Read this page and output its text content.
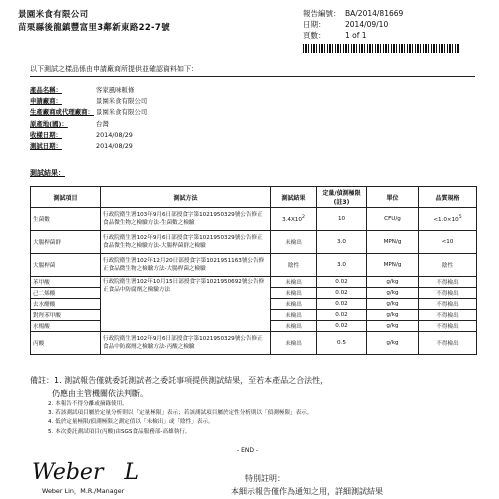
景園米食有限公司
苗栗縣後龍鎮豐富里3鄰新東路22-7號
報告編號： BA/2014/81669
日期：	2014/09/10
頁數：	1 of 1
以下測試之樣品係由申請廠商所提供並確認資料如下：
產品名稱：	客家風味粄條
申請廠商：	景園米食有限公司
生產廠商或代理廠商： 景園米食有限公司
原產地(國)：	台灣
收樣日期：	2014/08/29
測試日期：	2014/08/29
測試結果：
測試項目	測試方法	測試結果	定量/偵測極限(註3)	單位	品質規格
生菌數	行政院衛生署103年9月6日部授食字第1021950329號公告修正食品微生物之檢驗方法-生菌數之檢驗	$3.4X10^2$	10	CFU/g	$<1.0\times 10^5$
大腸桿菌群	行政院衛生署102年9月6日部授食字第1021950329號公告修正食品微生物之檢驗方法-大腸桿菌群之檢驗	未檢出	3.0	MPN/g	<10
大腸桿菌	行政院衛生署102年12月20日部授食字第1021951163號公告修正食品微生物之檢驗方法-大腸桿菌之檢驗	陰性	3.0	MPN/g	陰性
苯甲酸	行政院衛生署102年10月15日部授食字第1021950692號公告修正食品中防腐劑之檢驗方法	未檢出	0.02	g/kg	不得檢出
己二烯酸		未檢出	0.02	g/kg	不得檢出
去水醋酸		未檢出	0.02	g/kg	不得檢出
對羥苯甲酸		未檢出	0.02	g/kg	不得檢出
水楊酸		未檢出	0.02	g/kg	不得檢出
丙酸	行政院衛生署102年9月6日部授食字第1021950329號公告修正食品中防腐劑之檢驗方法-丙酸之檢驗	未檢出	0.5	g/kg	不得檢出
備註：1. 測試報告僅就委託測試者之委託事項提供測試結果，至若本產品之合法性，
仍應由主管機關依法判斷。
2. 本報告不得分離或摘錄使用。
3. 若該測試項目屬於定量分析則以「定量極限」表示；若該測試項目屬於定性分析則以「偵測極限」表示。
4. 低於定量極限/偵測極限之測定值以「未檢出」或「陰性」表示。
5. 本次委託測試項目(丙酸)由SGS食品服務部-高雄執行。
- END -
Weber   L
Weber Lin，M.R./Manager
特別註明：
本細示報告僅作為通知之用，詳細測試結果
